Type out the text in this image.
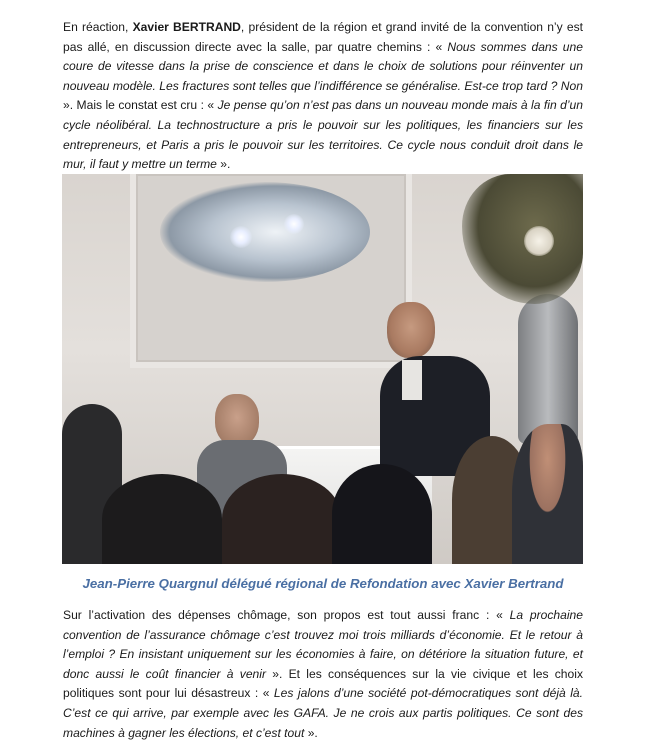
En réaction, Xavier BERTRAND, président de la région et grand invité de la convention n’y est pas allé, en discussion directe avec la salle, par quatre chemins : « Nous sommes dans une coure de vitesse dans la prise de conscience et dans le choix de solutions pour réinventer un nouveau modèle. Les fractures sont telles que l’indifférence se généralise. Est-ce trop tard ? Non ». Mais le constat est cru : « Je pense qu’on n’est pas dans un nouveau monde mais à la fin d’un cycle néolibéral. La technostructure a pris le pouvoir sur les politiques, les financiers sur les entrepreneurs, et Paris a pris le pouvoir sur les territoires. Ce cycle nous conduit droit dans le mur, il faut y mettre un terme ».

Jean-Pierre Quargnul délégué régional de Refondation avec Xavier Bertrand

Sur l’activation des dépenses chômage, son propos est tout aussi franc : « La prochaine convention de l’assurance chômage c’est trouvez moi trois milliards d’économie. Et le retour à l’emploi ? En insistant uniquement sur les économies à faire, on détériore la situation future, et donc aussi le coût financier à venir ». Et les conséquences sur la vie civique et les choix politiques sont pour lui désastreux : « Les jalons d’une société pot-démocratiques sont déjà là. C’est ce qui arrive, par exemple avec les GAFA. Je ne crois aux partis politiques. Ce sont des machines à gagner les élections, et c’est tout ».
